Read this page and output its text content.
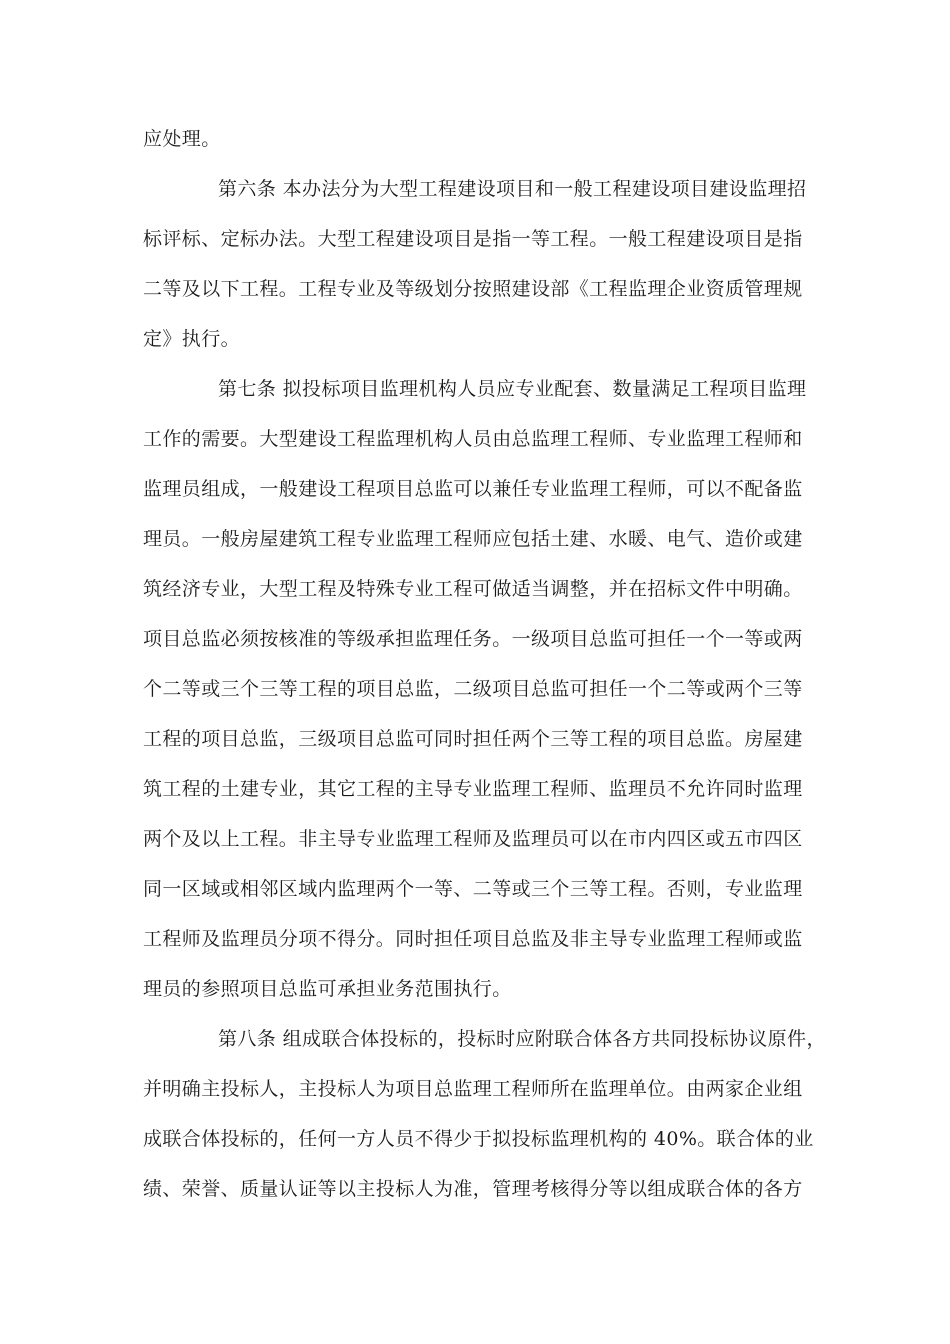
应处理。

第六条 本办法分为大型工程建设项目和一般工程建设项目建设监理招

标评标、定标办法。大型工程建设项目是指一等工程。一般工程建设项目是指

二等及以下工程。工程专业及等级划分按照建设部《工程监理企业资质管理规

定》执行。

第七条 拟投标项目监理机构人员应专业配套、数量满足工程项目监理

工作的需要。大型建设工程监理机构人员由总监理工程师、专业监理工程师和

监理员组成，一般建设工程项目总监可以兼任专业监理工程师，可以不配备监

理员。一般房屋建筑工程专业监理工程师应包括土建、水暖、电气、造价或建

筑经济专业，大型工程及特殊专业工程可做适当调整，并在招标文件中明确。

项目总监必须按核准的等级承担监理任务。一级项目总监可担任一个一等或两

个二等或三个三等工程的项目总监，二级项目总监可担任一个二等或两个三等

工程的项目总监，三级项目总监可同时担任两个三等工程的项目总监。房屋建

筑工程的土建专业，其它工程的主导专业监理工程师、监理员不允许同时监理

两个及以上工程。非主导专业监理工程师及监理员可以在市内四区或五市四区

同一区域或相邻区域内监理两个一等、二等或三个三等工程。否则，专业监理

工程师及监理员分项不得分。同时担任项目总监及非主导专业监理工程师或监

理员的参照项目总监可承担业务范围执行。

第八条 组成联合体投标的，投标时应附联合体各方共同投标协议原件，

并明确主投标人，主投标人为项目总监理工程师所在监理单位。由两家企业组

成联合体投标的，任何一方人员不得少于拟投标监理机构的 40%。联合体的业

绩、荣誉、质量认证等以主投标人为准，管理考核得分等以组成联合体的各方
